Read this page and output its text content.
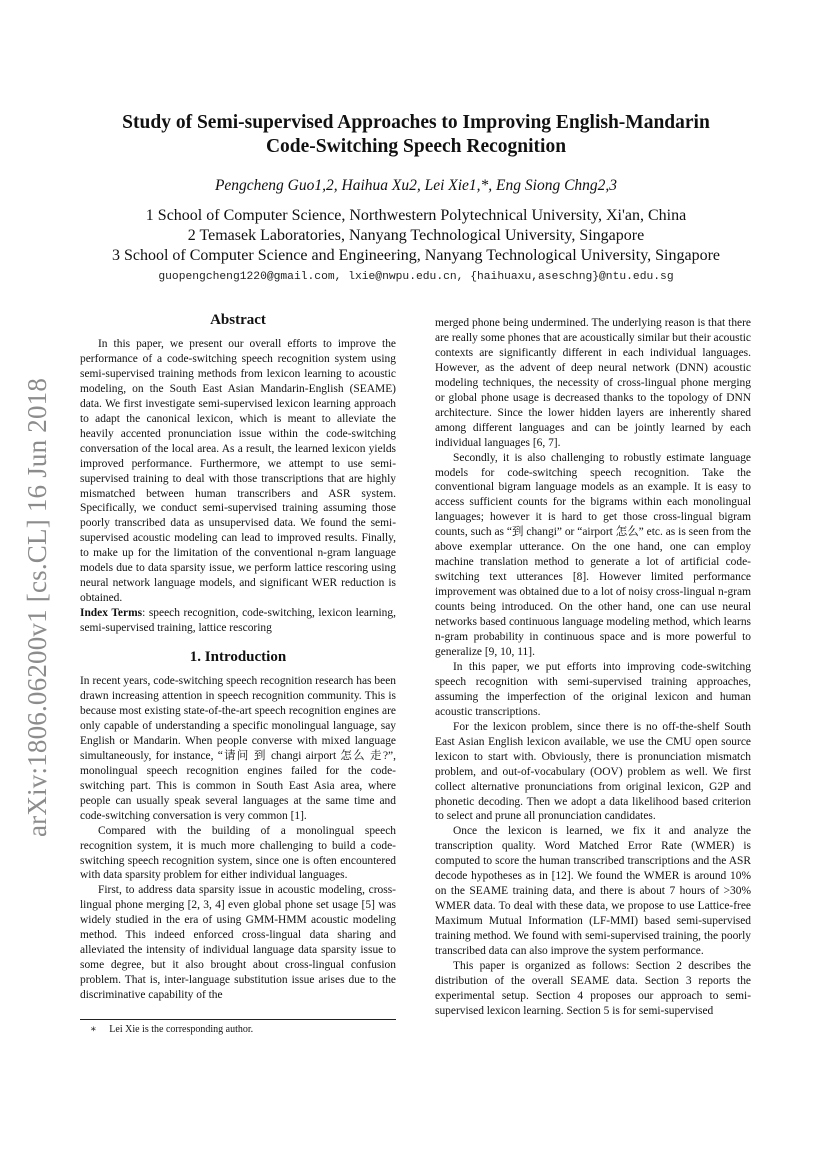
arXiv:1806.06200v1 [cs.CL] 16 Jun 2018
Study of Semi-supervised Approaches to Improving English-Mandarin
Code-Switching Speech Recognition
Pengcheng Guo1,2, Haihua Xu2, Lei Xie1,*, Eng Siong Chng2,3
1 School of Computer Science, Northwestern Polytechnical University, Xi'an, China
2 Temasek Laboratories, Nanyang Technological University, Singapore
3 School of Computer Science and Engineering, Nanyang Technological University, Singapore
guopengcheng1220@gmail.com, lxie@nwpu.edu.cn, {haihuaxu,aseschng}@ntu.edu.sg
Abstract

In this paper, we present our overall efforts to improve the performance of a code-switching speech recognition system using semi-supervised training methods from lexicon learning to acoustic modeling, on the South East Asian Mandarin-English (SEAME) data. We first investigate semi-supervised lexicon learning approach to adapt the canonical lexicon, which is meant to alleviate the heavily accented pronunciation issue within the code-switching conversation of the local area. As a result, the learned lexicon yields improved performance. Furthermore, we attempt to use semi-supervised training to deal with those transcriptions that are highly mismatched between human transcribers and ASR system. Specifically, we conduct semi-supervised training assuming those poorly transcribed data as unsupervised data. We found the semi-supervised acoustic modeling can lead to improved results. Finally, to make up for the limitation of the conventional n-gram language models due to data sparsity issue, we perform lattice rescoring using neural network language models, and significant WER reduction is obtained.

Index Terms: speech recognition, code-switching, lexicon learning, semi-supervised training, lattice rescoring

1. Introduction

In recent years, code-switching speech recognition research has been drawn increasing attention in speech recognition community. This is because most existing state-of-the-art speech recognition engines are only capable of understanding a specific monolingual language, say English or Mandarin. When people converse with mixed language simultaneously, for instance, “请问 到 changi airport 怎么 走?”, monolingual speech recognition engines failed for the code-switching part. This is common in South East Asia area, where people can usually speak several languages at the same time and code-switching conversation is very common [1].

Compared with the building of a monolingual speech recognition system, it is much more challenging to build a code-switching speech recognition system, since one is often encountered with data sparsity problem for either individual languages.

First, to address data sparsity issue in acoustic modeling, cross-lingual phone merging [2, 3, 4] even global phone set usage [5] was widely studied in the era of using GMM-HMM acoustic modeling method. This indeed enforced cross-lingual data sharing and alleviated the intensity of individual language data sparsity issue to some degree, but it also brought about cross-lingual confusion problem. That is, inter-language substitution issue arises due to the discriminative capability of the

merged phone being undermined. The underlying reason is that there are really some phones that are acoustically similar but their acoustic contexts are significantly different in each individual languages. However, as the advent of deep neural network (DNN) acoustic modeling techniques, the necessity of cross-lingual phone merging or global phone usage is decreased thanks to the topology of DNN architecture. Since the lower hidden layers are inherently shared among different languages and can be jointly learned by each individual languages [6, 7].

Secondly, it is also challenging to robustly estimate language models for code-switching speech recognition. Take the conventional bigram language models as an example. It is easy to access sufficient counts for the bigrams within each monolingual languages; however it is hard to get those cross-lingual bigram counts, such as “到 changi” or “airport 怎么” etc. as is seen from the above exemplar utterance. On the one hand, one can employ machine translation method to generate a lot of artificial code-switching text utterances [8]. However limited performance improvement was obtained due to a lot of noisy cross-lingual n-gram counts being introduced. On the other hand, one can use neural networks based continuous language modeling method, which learns n-gram probability in continuous space and is more powerful to generalize [9, 10, 11].

In this paper, we put efforts into improving code-switching speech recognition with semi-supervised training approaches, assuming the imperfection of the original lexicon and human acoustic transcriptions.

For the lexicon problem, since there is no off-the-shelf South East Asian English lexicon available, we use the CMU open source lexicon to start with. Obviously, there is pronunciation mismatch problem, and out-of-vocabulary (OOV) problem as well. We first collect alternative pronunciations from original lexicon, G2P and phonetic decoding. Then we adopt a data likelihood based criterion to select and prune all pronunciation candidates.

Once the lexicon is learned, we fix it and analyze the transcription quality. Word Matched Error Rate (WMER) is computed to score the human transcribed transcriptions and the ASR decode hypotheses as in [12]. We found the WMER is around 10% on the SEAME training data, and there is about 7 hours of >30% WMER data. To deal with these data, we propose to use Lattice-free Maximum Mutual Information (LF-MMI) based semi-supervised training method. We found with semi-supervised training, the poorly transcribed data can also improve the system performance.

This paper is organized as follows: Section 2 describes the distribution of the overall SEAME data. Section 3 reports the experimental setup. Section 4 proposes our approach to semi-supervised lexicon learning. Section 5 is for semi-supervised

∗ Lei Xie is the corresponding author.
